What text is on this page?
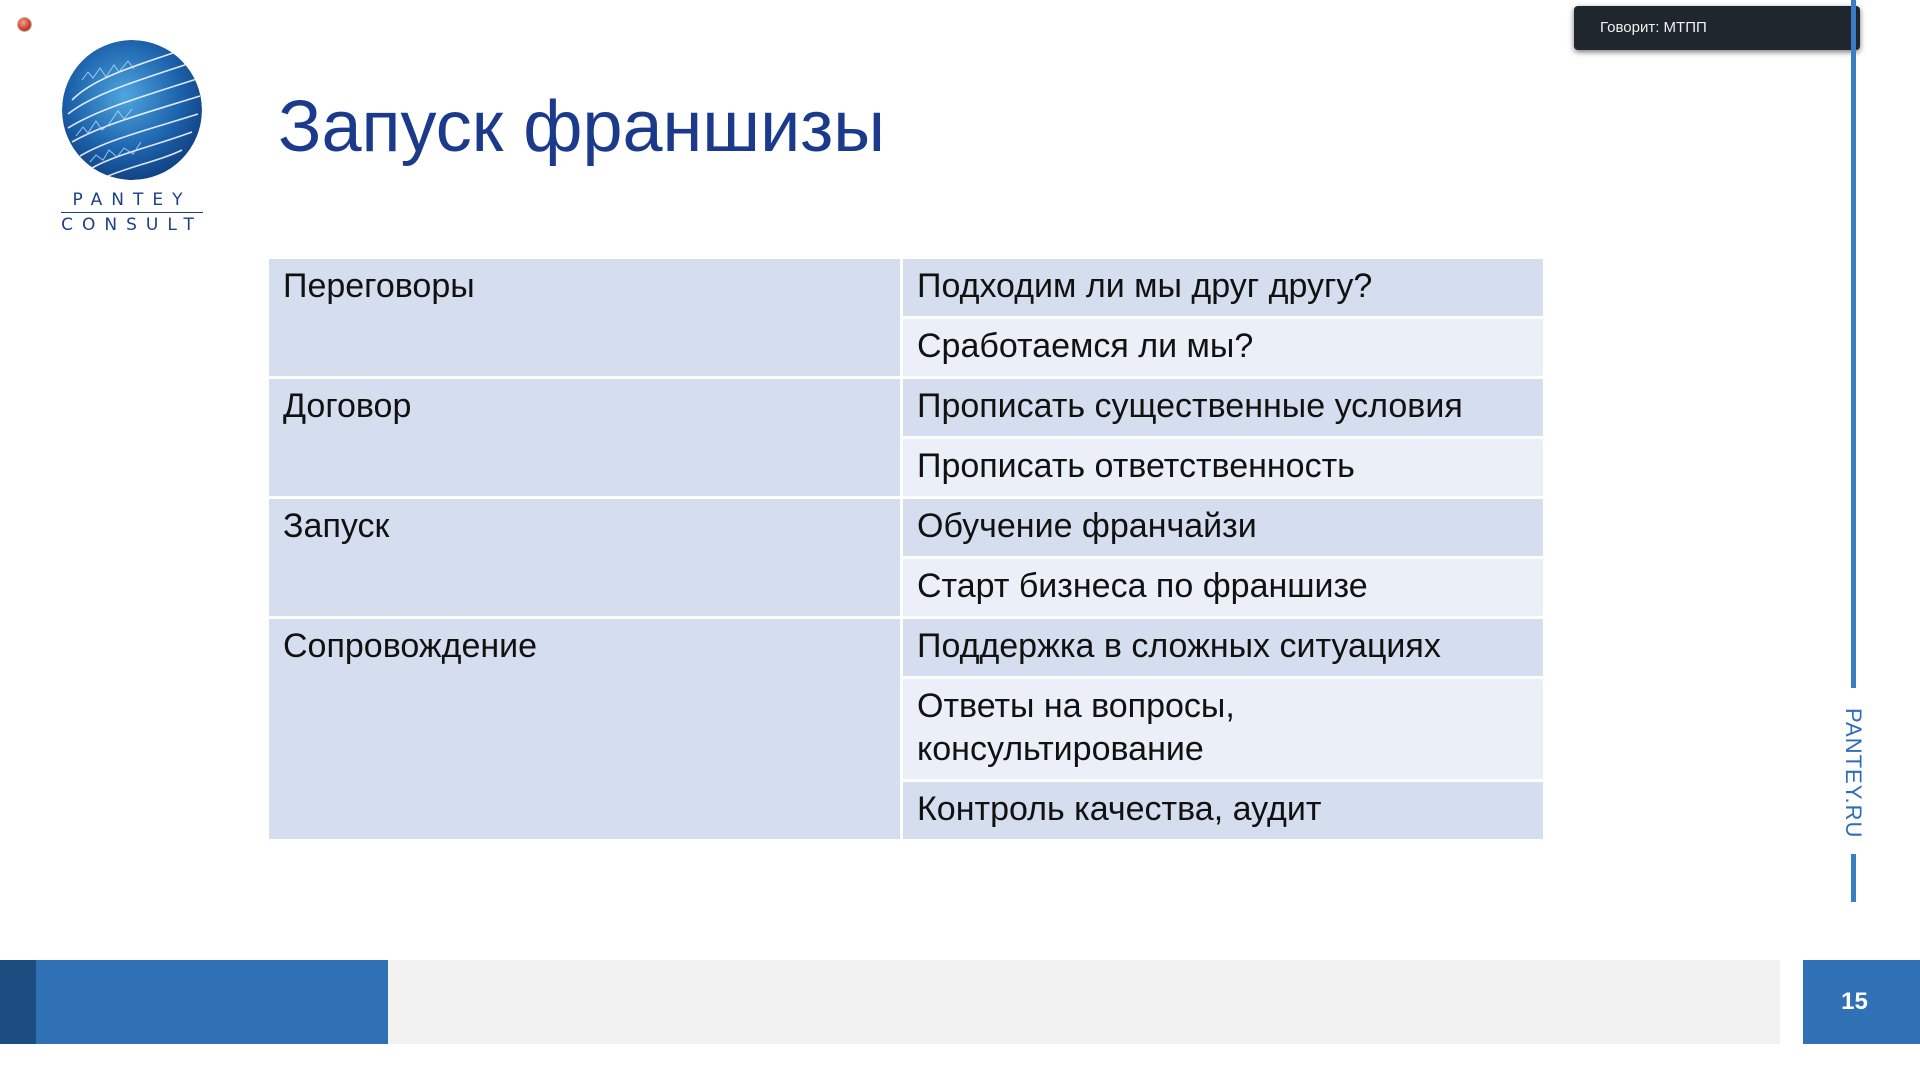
PANTEY
CONSULT
Запуск франшизы
Переговоры	Подходим ли мы друг другу?
	Сработаемся ли мы?
Договор	Прописать существенные условия
	Прописать ответственность
Запуск	Обучение франчайзи
	Старт бизнеса по франшизе
Сопровождение	Поддержка в сложных ситуациях
	Ответы на вопросы, консультирование
	Контроль качества, аудит
Говорит: МТПП
PANTEY.RU
15
